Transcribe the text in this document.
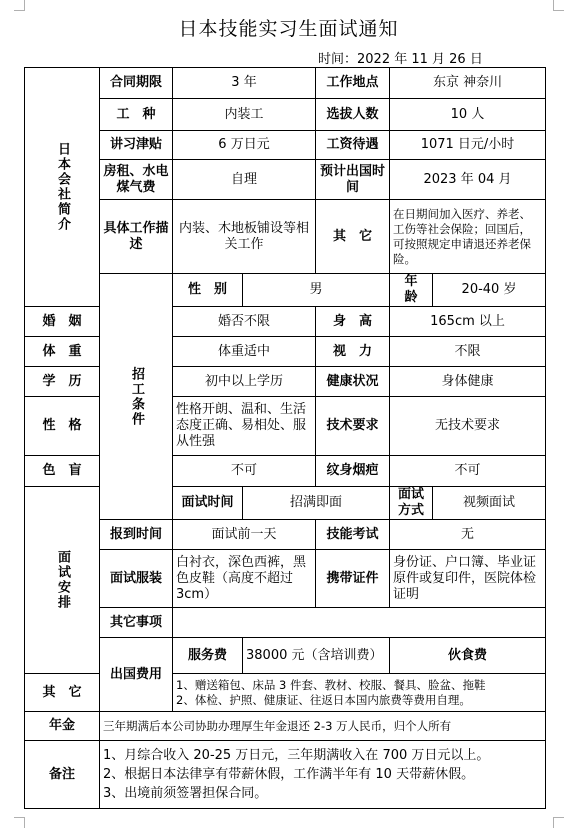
日本技能实习生面试通知
时间：2022 年 11 月 26 日
日本会社简介	合同期限	3 年		工作地点	东京 神奈川		
	工　种	内装工		选拔人数	10 人		
	讲习津贴	6 万日元		工资待遇	1071 日元/小时		
	房租、水电煤气费	自理		预计出国时间	2023 年 04 月		
	具体工作描述	内装、木地板铺设等相关工作		其　它	在日期间加入医疗、养老、工伤等社会保险；回国后，可按照规定申请退还养老保险。		

	招工条件	性　别	男		年　龄	20-40 岁	
婚　姻		婚否不限		身　高	165cm 以上		
体　重		体重适中		视　力	不限		
学　历		初中以上学历		健康状况	身体健康		
性　格		性格开朗、温和、生活态度正确、易相处、服从性强		技术要求	无技术要求		
色　盲		不可		纹身烟疤	不可		

面试安排		面试时间	招满即面		面试方式	视频面试	
	报到时间	面试前一天		技能考试	无		
	面试服装	白衬衣，深色西裤，黑色皮鞋（高度不超过 3cm）		携带证件	身份证、户口簿、毕业证原件或复印件，医院体检证明		
	其它事项						
	出国费用	服务费	38000 元（含培训费）		伙食费	
其　它		1、赠送箱包、床品 3 件套、教材、校服、餐具、脸盆、拖鞋
2、体检、护照、健康证、往返日本国内旅费等费用自理。					

年金	三年期满后本公司协助办理厚生年金退还 2-3 万人民币，归个人所有						
备注	1、月综合收入 20-25 万日元，三年期满收入在 700 万日元以上。
2、根据日本法律享有带薪休假，工作满半年有 10 天带薪休假。
3、出境前须签署担保合同。						
